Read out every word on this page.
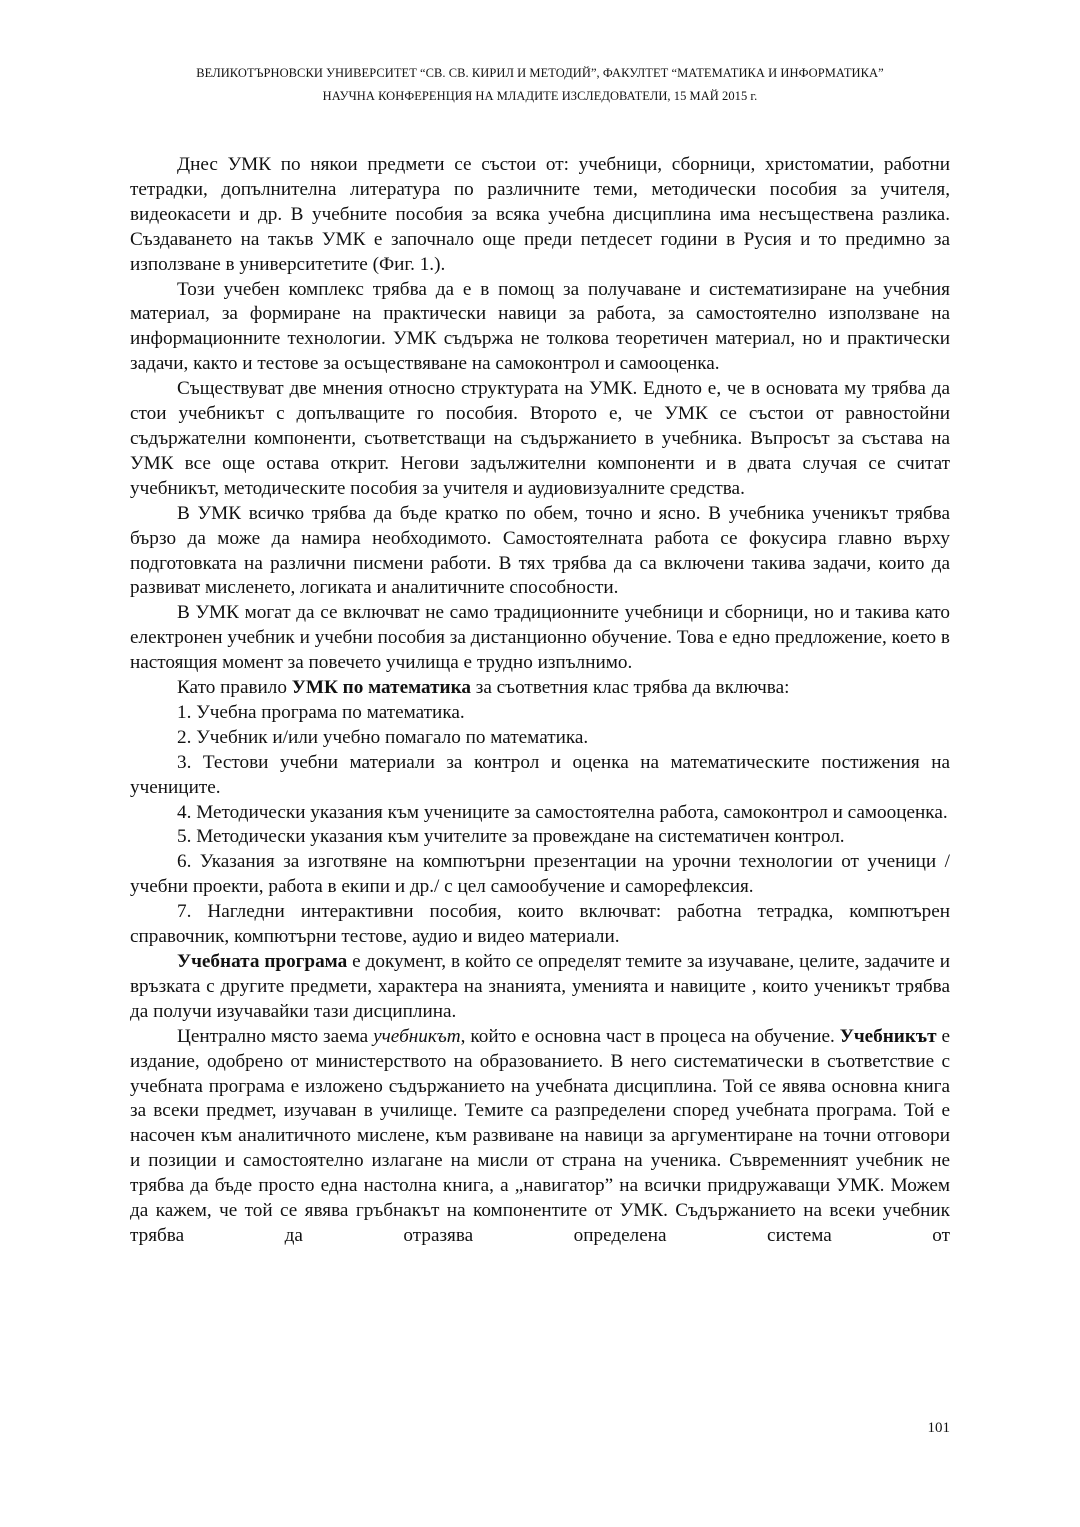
ВЕЛИКОТЪРНОВСКИ УНИВЕРСИТЕТ “СВ. СВ. КИРИЛ И МЕТОДИЙ”, ФАКУЛТЕТ “МАТЕМАТИКА И ИНФОРМАТИКА”
НАУЧНА КОНФЕРЕНЦИЯ НА МЛАДИТЕ ИЗСЛЕДОВАТЕЛИ, 15 МАЙ 2015 г.

Днес УМК по някои предмети се състои от: учебници, сборници, христоматии, работни тетрадки, допълнителна литература по различните теми, методически пособия за учителя, видеокасети и др. В учебните пособия за всяка учебна дисциплина има несъществена разлика. Създаването на такъв УМК е започнало още преди петдесет години в Русия и то предимно за използване в университетите (Фиг. 1.).

Този учебен комплекс трябва да е в помощ за получаване и систематизиране на учебния материал, за формиране на практически навици за работа, за самостоятелно използване на информационните технологии. УМК съдържа не толкова теоретичен материал, но и практически задачи, както и тестове за осъществяване на самоконтрол и самооценка.

Съществуват две мнения относно структурата на УМК. Едното е, че в основата му трябва да стои учебникът с допълващите го пособия. Второто е, че УМК се състои от равностойни съдържателни компоненти, съответстващи на съдържанието в учебника. Въпросът за състава на УМК все още остава открит. Негови задължителни компоненти и в двата случая се считат учебникът, методическите пособия за учителя и аудиовизуалните средства.

В УМК всичко трябва да бъде кратко по обем, точно и ясно. В учебника ученикът трябва бързо да може да намира необходимото. Самостоятелната работа се фокусира главно върху подготовката на различни писмени работи. В тях трябва да са включени такива задачи, които да развиват мисленето, логиката и аналитичните способности.

В УМК могат да се включват не само традиционните учебници и сборници, но и такива като електронен учебник и учебни пособия за дистанционно обучение. Това е едно предложение, което в настоящия момент за повечето училища е трудно изпълнимо.

Като правило УМК по математика за съответния клас трябва да включва:

1. Учебна програма по математика.

2. Учебник и/или учебно помагало по математика.

3. Тестови учебни материали за контрол и оценка на математическите постижения на учениците.

4. Методически указания към учениците за самостоятелна работа, самоконтрол и самооценка.

5. Методически указания към учителите за провеждане на систематичен контрол.

6. Указания за изготвяне на компютърни презентации на урочни технологии от ученици /учебни проекти, работа в екипи и др./ с цел самообучение и саморефлексия.

7. Нагледни интерактивни пособия, които включват: работна тетрадка, компютърен справочник, компютърни тестове, аудио и видео материали.

Учебната програма е документ, в който се определят темите за изучаване, целите, задачите и връзката с другите предмети, характера на знанията, уменията и навиците , които ученикът трябва да получи изучавайки тази дисциплина.

Централно място заема учебникът, който е основна част в процеса на обучение. Учебникът е издание, одобрено от министерството на образованието. В него систематически в съответствие с учебната програма е изложено съдържанието на учебната дисциплина. Той се явява основна книга за всеки предмет, изучаван в училище. Темите са разпределени според учебната програма. Той е насочен към аналитичното мислене, към развиване на навици за аргументиране на точни отговори и позиции и самостоятелно излагане на мисли от страна на ученика. Съвременният учебник не трябва да бъде просто една настолна книга, а „навигатор” на всички придружаващи УМК. Можем да кажем, че той се явява гръбнакът на компонентите от УМК. Съдържанието на всеки учебник трябва да отразява определена система от

101
